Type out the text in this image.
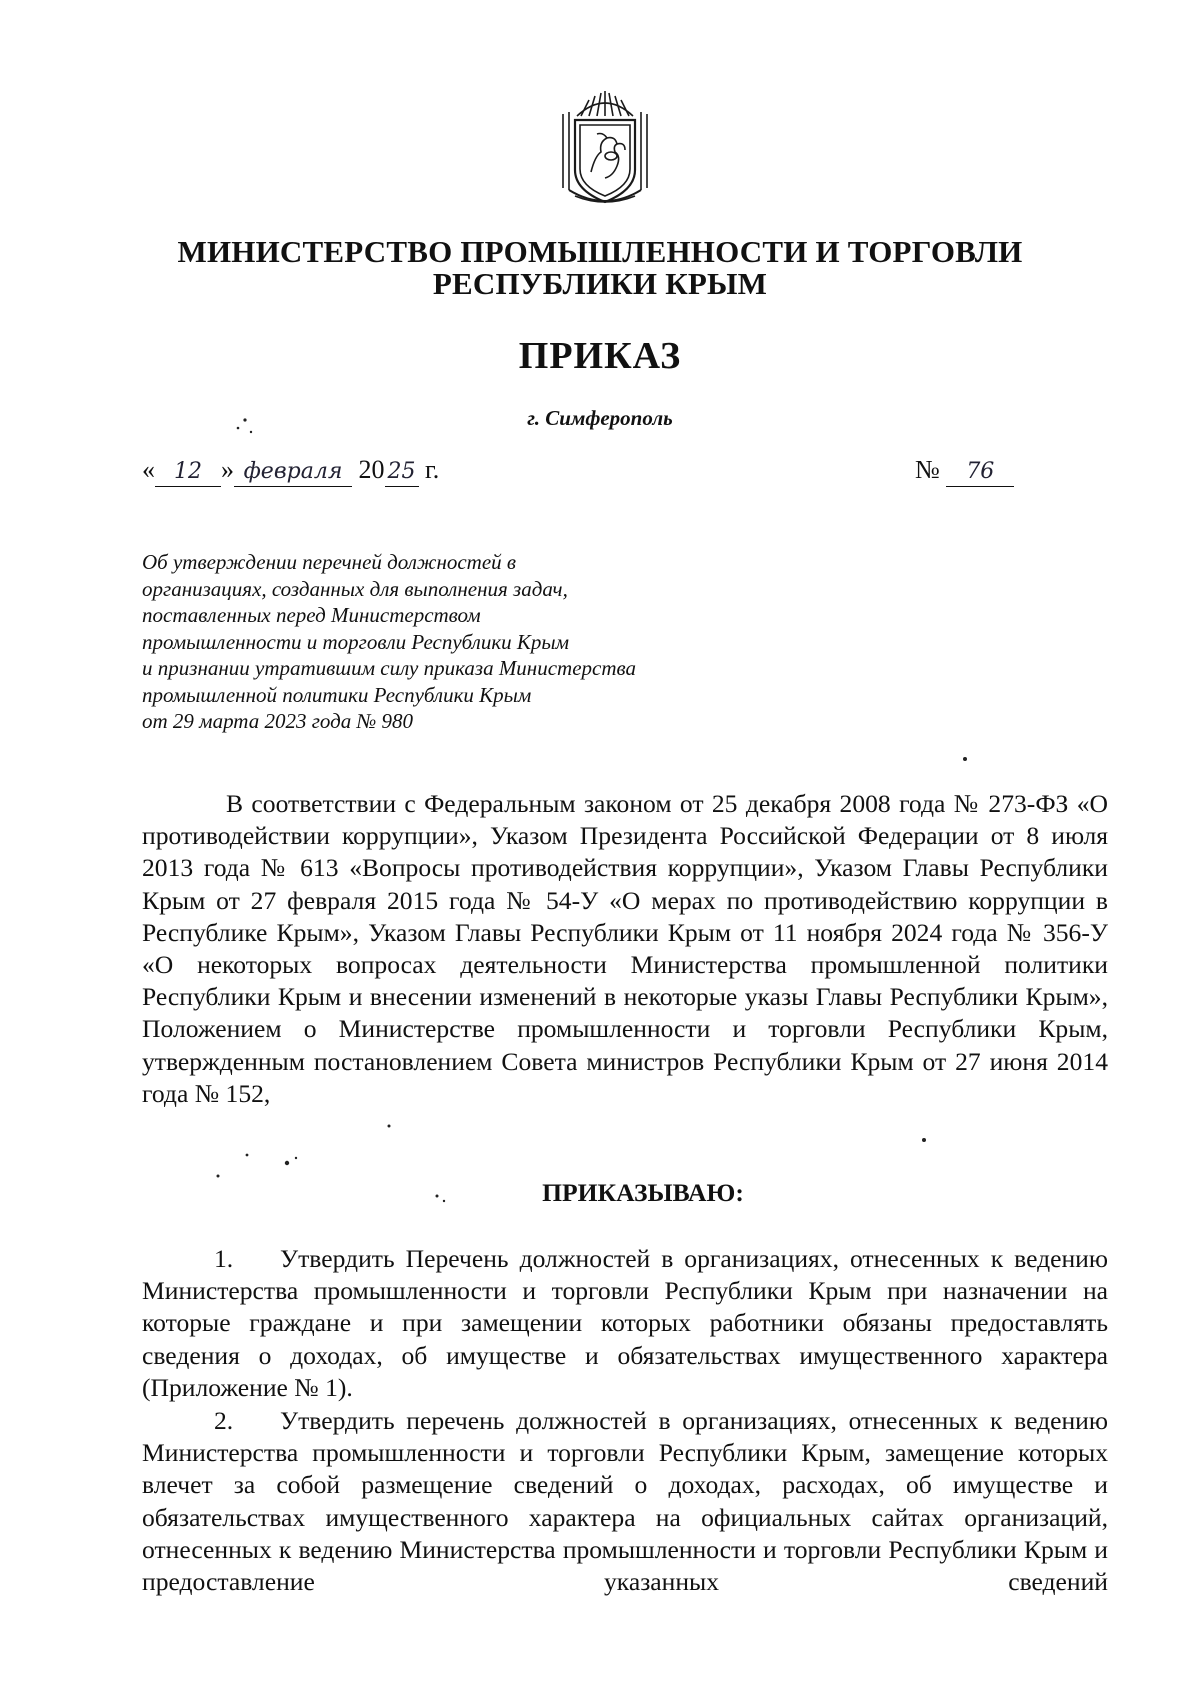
МИНИСТЕРСТВО ПРОМЫШЛЕННОСТИ И ТОРГОВЛИ
РЕСПУБЛИКИ КРЫМ
ПРИКАЗ
г. Симферополь
« 12 » февраля 20 25 г.	№ 76
Об утверждении перечней должностей в
организациях, созданных для выполнения задач,
поставленных перед Министерством
промышленности и торговли Республики Крым
и признании утратившим силу приказа Министерства
промышленной политики Республики Крым
от 29 марта 2023 года № 980
В соответствии с Федеральным законом от 25 декабря 2008 года № 273-ФЗ «О противодействии коррупции», Указом Президента Российской Федерации от 8 июля 2013 года № 613 «Вопросы противодействия коррупции», Указом Главы Республики Крым от 27 февраля 2015 года № 54-У «О мерах по противодействию коррупции в Республике Крым», Указом Главы Республики Крым от 11 ноября 2024 года № 356-У «О некоторых вопросах деятельности Министерства промышленной политики Республики Крым и внесении изменений в некоторые указы Главы Республики Крым», Положением о Министерстве промышленности и торговли Республики Крым, утвержденным постановлением Совета министров Республики Крым от 27 июня 2014 года № 152,
ПРИКАЗЫВАЮ:
1. Утвердить Перечень должностей в организациях, отнесенных к ведению Министерства промышленности и торговли Республики Крым при назначении на которые граждане и при замещении которых работники обязаны предоставлять сведения о доходах, об имуществе и обязательствах имущественного характера (Приложение № 1).
2. Утвердить перечень должностей в организациях, отнесенных к ведению Министерства промышленности и торговли Республики Крым, замещение которых влечет за собой размещение сведений о доходах, расходах, об имуществе и обязательствах имущественного характера на официальных сайтах организаций, отнесенных к ведению Министерства промышленности и торговли Республики Крым и предоставление указанных сведений
